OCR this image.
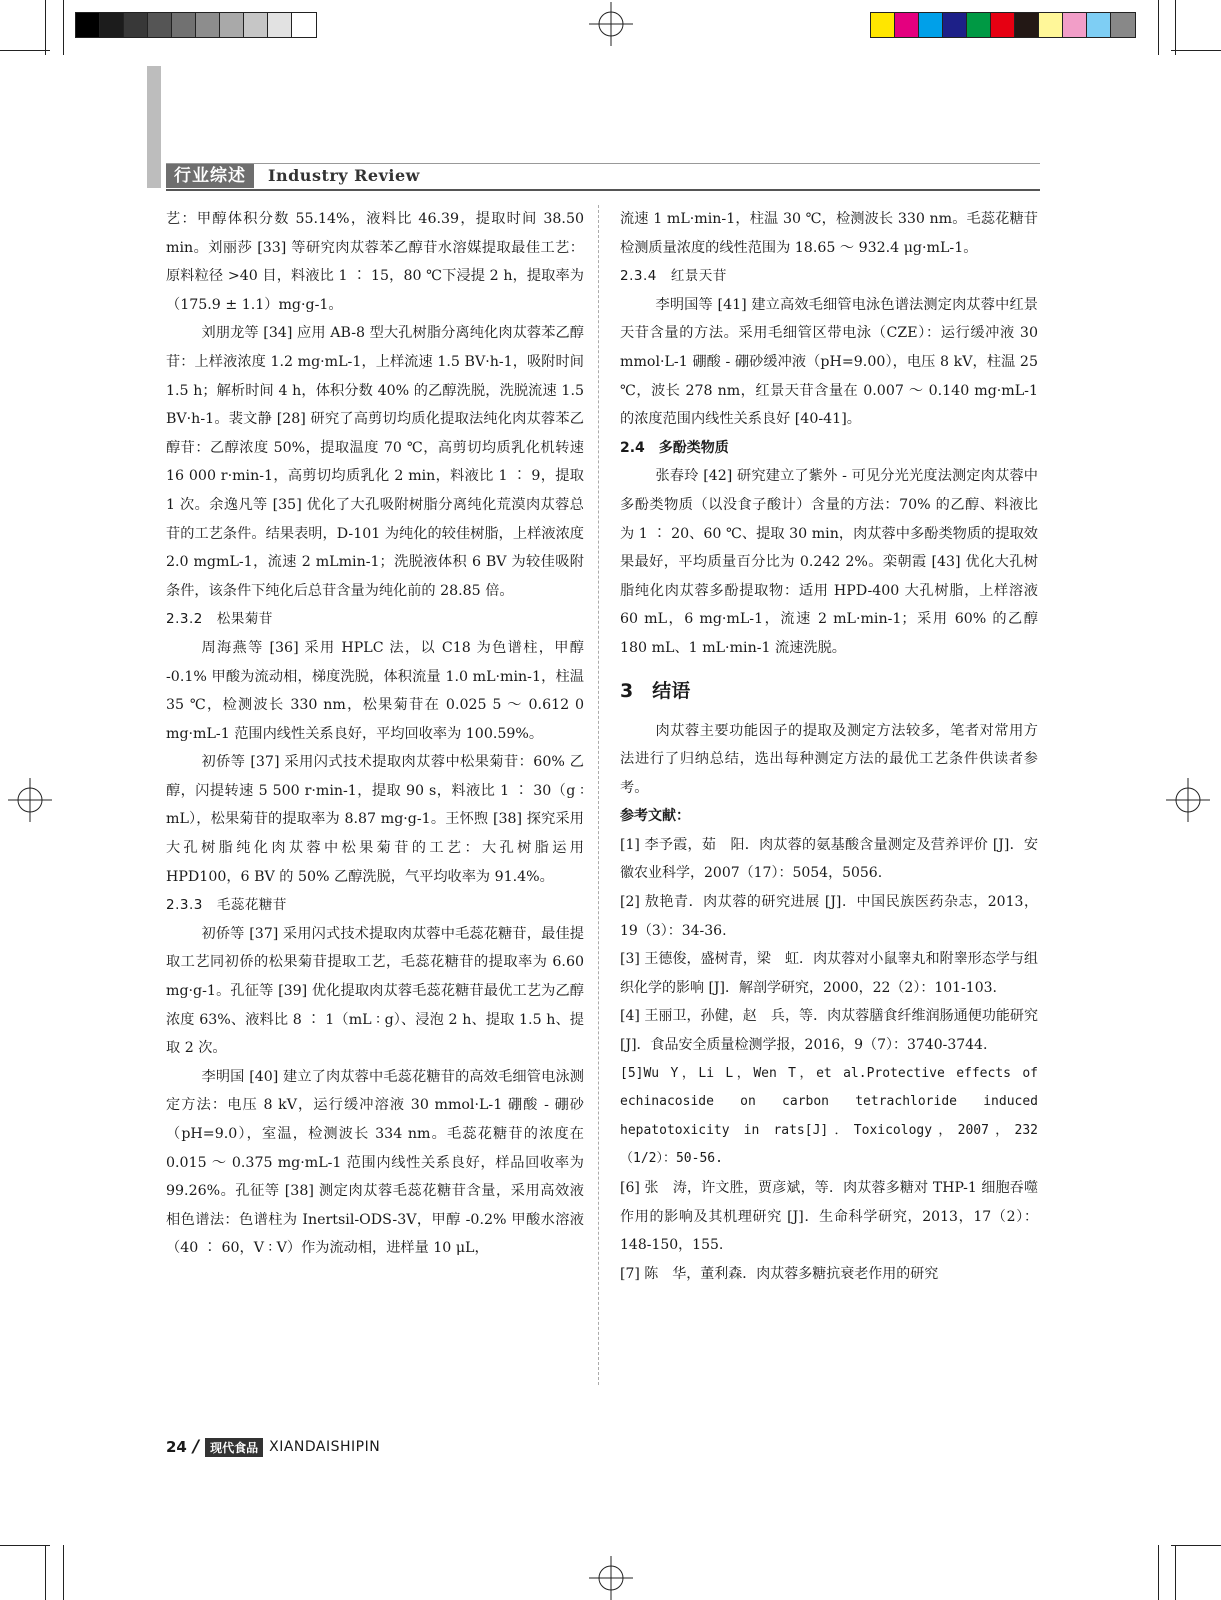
行业综述	Industry Review

艺：甲醇体积分数 55.14%，液料比 46.39，提取时间 38.50 min。刘丽莎 [33] 等研究肉苁蓉苯乙醇苷水溶媒提取最佳工艺：原料粒径 >40 目，料液比 1 ∶ 15，80 ℃下浸提 2 h，提取率为（175.9 ± 1.1）mg·g-1。

刘朋龙等 [34] 应用 AB-8 型大孔树脂分离纯化肉苁蓉苯乙醇苷：上样液浓度 1.2 mg·mL-1，上样流速 1.5 BV·h-1，吸附时间 1.5 h；解析时间 4 h，体积分数 40% 的乙醇洗脱，洗脱流速 1.5 BV·h-1。裴文静 [28] 研究了高剪切均质化提取法纯化肉苁蓉苯乙醇苷：乙醇浓度 50%，提取温度 70 ℃，高剪切均质乳化机转速 16 000 r·min-1，高剪切均质乳化 2 min，料液比 1 ∶ 9，提取 1 次。余逸凡等 [35] 优化了大孔吸附树脂分离纯化荒漠肉苁蓉总苷的工艺条件。结果表明，D-101 为纯化的较佳树脂，上样液浓度 2.0 mgmL-1，流速 2 mLmin-1；洗脱液体积 6 BV 为较佳吸附条件，该条件下纯化后总苷含量为纯化前的 28.85 倍。

2.3.2　松果菊苷

周海燕等 [36] 采用 HPLC 法，以 C18 为色谱柱，甲醇 -0.1% 甲酸为流动相，梯度洗脱，体积流量 1.0 mL·min-1，柱温 35 ℃，检测波长 330 nm，松果菊苷在 0.025 5 ～ 0.612 0 mg·mL-1 范围内线性关系良好，平均回收率为 100.59%。

初侨等 [37] 采用闪式技术提取肉苁蓉中松果菊苷：60% 乙醇，闪提转速 5 500 r·min-1，提取 90 s，料液比 1 ∶ 30（g ∶ mL），松果菊苷的提取率为 8.87 mg·g-1。王怀煦 [38] 探究采用大孔树脂纯化肉苁蓉中松果菊苷的工艺：大孔树脂运用 HPD100，6 BV 的 50% 乙醇洗脱，气平均收率为 91.4%。

2.3.3　毛蕊花糖苷

初侨等 [37] 采用闪式技术提取肉苁蓉中毛蕊花糖苷，最佳提取工艺同初侨的松果菊苷提取工艺，毛蕊花糖苷的提取率为 6.60 mg·g-1。孔征等 [39] 优化提取肉苁蓉毛蕊花糖苷最优工艺为乙醇浓度 63%、液料比 8 ∶ 1（mL ∶ g）、浸泡 2 h、提取 1.5 h、提取 2 次。

李明国 [40] 建立了肉苁蓉中毛蕊花糖苷的高效毛细管电泳测定方法：电压 8 kV，运行缓冲溶液 30 mmol·L-1 硼酸 - 硼砂（pH=9.0），室温，检测波长 334 nm。毛蕊花糖苷的浓度在 0.015 ～ 0.375 mg·mL-1 范围内线性关系良好，样品回收率为 99.26%。孔征等 [38] 测定肉苁蓉毛蕊花糖苷含量，采用高效液相色谱法：色谱柱为 Inertsil-ODS-3V，甲醇 -0.2% 甲酸水溶液（40 ∶ 60，V ∶ V）作为流动相，进样量 10 μL，

流速 1 mL·min-1，柱温 30 ℃，检测波长 330 nm。毛蕊花糖苷检测质量浓度的线性范围为 18.65 ～ 932.4 μg·mL-1。

2.3.4　红景天苷

李明国等 [41] 建立高效毛细管电泳色谱法测定肉苁蓉中红景天苷含量的方法。采用毛细管区带电泳（CZE）：运行缓冲液 30 mmol·L-1 硼酸 - 硼砂缓冲液（pH=9.00），电压 8 kV，柱温 25 ℃，波长 278 nm，红景天苷含量在 0.007 ～ 0.140 mg·mL-1 的浓度范围内线性关系良好 [40-41]。

2.4　多酚类物质

张春玲 [42] 研究建立了紫外 - 可见分光光度法测定肉苁蓉中多酚类物质（以没食子酸计）含量的方法：70% 的乙醇、料液比为 1 ∶ 20、60 ℃、提取 30 min，肉苁蓉中多酚类物质的提取效果最好，平均质量百分比为 0.242 2%。栾朝霞 [43] 优化大孔树脂纯化肉苁蓉多酚提取物：适用 HPD-400 大孔树脂，上样溶液 60 mL，6 mg·mL-1，流速 2 mL·min-1；采用 60% 的乙醇 180 mL、1 mL·min-1 流速洗脱。

3　结语

肉苁蓉主要功能因子的提取及测定方法较多，笔者对常用方法进行了归纳总结，选出每种测定方法的最优工艺条件供读者参考。

参考文献：

[1] 李予霞，茹　阳．肉苁蓉的氨基酸含量测定及营养评价 [J]．安徽农业科学，2007（17）：5054，5056.

[2] 敖艳青．肉苁蓉的研究进展 [J]．中国民族医药杂志，2013，19（3）：34-36.

[3] 王德俊，盛树青，梁　虹．肉苁蓉对小鼠睾丸和附睾形态学与组织化学的影响 [J]．解剖学研究，2000，22（2）：101-103.

[4] 王丽卫，孙健，赵　兵，等．肉苁蓉膳食纤维润肠通便功能研究 [J]．食品安全质量检测学报，2016，9（7）：3740-3744.

[5]Wu Y，Li L，Wen T，et al.Protective effects of echinacoside on carbon tetrachloride induced hepatotoxicity in rats[J]．Toxicology，2007，232（1/2）：50-56.

[6] 张　涛，许文胜，贾彦斌，等．肉苁蓉多糖对 THP-1 细胞吞噬作用的影响及其机理研究 [J]．生命科学研究，2013，17（2）：148-150，155.

[7] 陈　华，董利森．肉苁蓉多糖抗衰老作用的研究

24 / 现代食品 XIANDAISHIPIN
